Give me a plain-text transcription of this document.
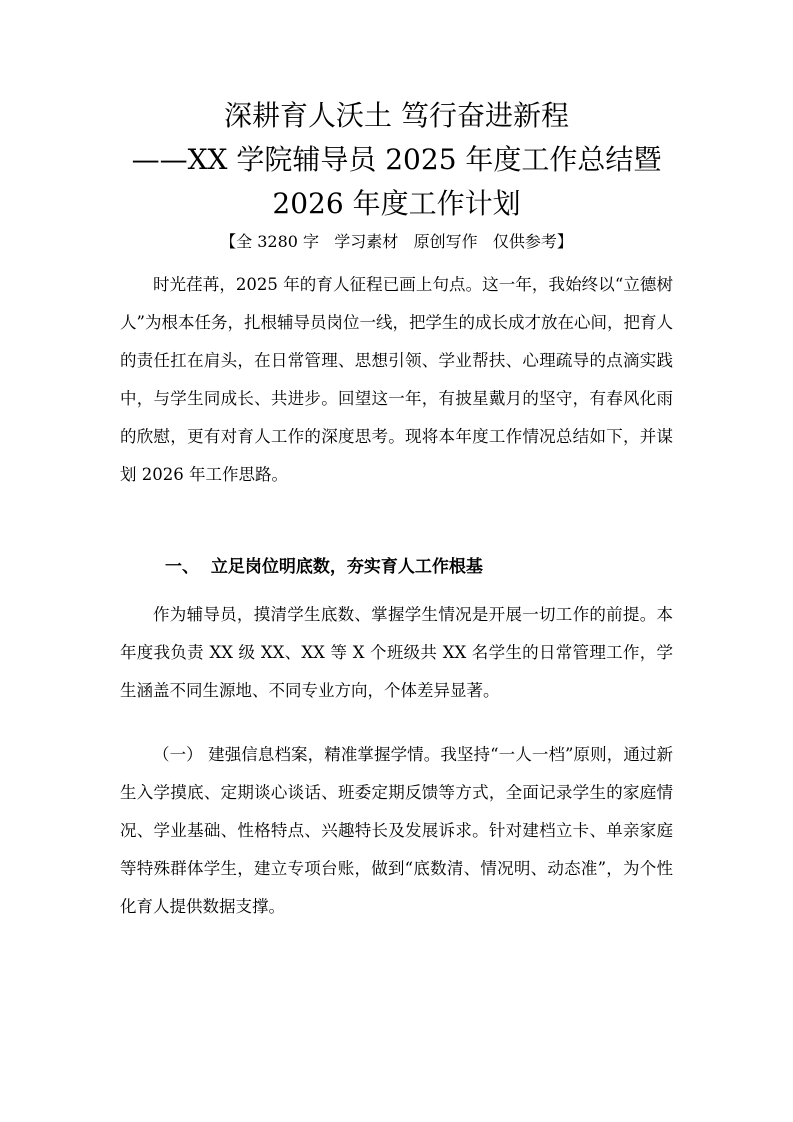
深耕育人沃土 笃行奋进新程
——XX 学院辅导员 2025 年度工作总结暨
2026 年度工作计划
【全 3280 字   学习素材   原创写作   仅供参考】

时光荏苒，2025 年的育人征程已画上句点。这一年，我始终以“立德树人”为根本任务，扎根辅导员岗位一线，把学生的成长成才放在心间，把育人的责任扛在肩头，在日常管理、思想引领、学业帮扶、心理疏导的点滴实践中，与学生同成长、共进步。回望这一年，有披星戴月的坚守，有春风化雨的欣慰，更有对育人工作的深度思考。现将本年度工作情况总结如下，并谋划 2026 年工作思路。

一、  立足岗位明底数，夯实育人工作根基

作为辅导员，摸清学生底数、掌握学生情况是开展一切工作的前提。本年度我负责 XX 级 XX、XX 等 X 个班级共 XX 名学生的日常管理工作，学生涵盖不同生源地、不同专业方向，个体差异显著。

（一） 建强信息档案，精准掌握学情。我坚持“一人一档”原则，通过新生入学摸底、定期谈心谈话、班委定期反馈等方式，全面记录学生的家庭情况、学业基础、性格特点、兴趣特长及发展诉求。针对建档立卡、单亲家庭等特殊群体学生，建立专项台账，做到“底数清、情况明、动态准”，为个性化育人提供数据支撑。
